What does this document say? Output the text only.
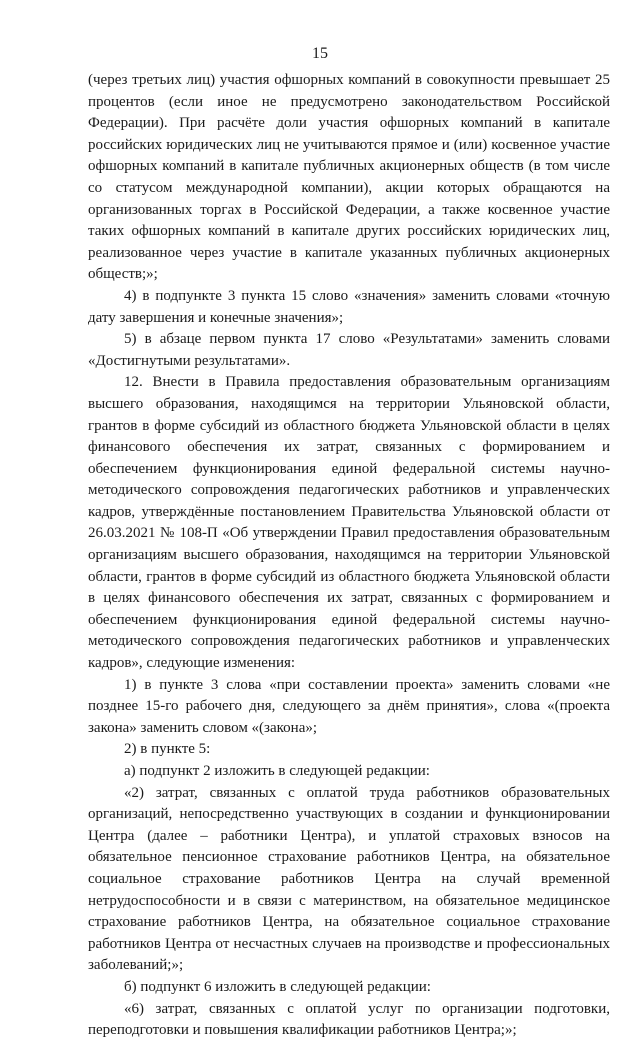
15

(через третьих лиц) участия офшорных компаний в совокупности превышает 25 процентов (если иное не предусмотрено законодательством Российской Федерации). При расчёте доли участия офшорных компаний в капитале российских юридических лиц не учитываются прямое и (или) косвенное участие офшорных компаний в капитале публичных акционерных обществ (в том числе со статусом международной компании), акции которых обращаются на организованных торгах в Российской Федерации, а также косвенное участие таких офшорных компаний в капитале других российских юридических лиц, реализованное через участие в капитале указанных публичных акционерных обществ;»;

4) в подпункте 3 пункта 15 слово «значения» заменить словами «точную дату завершения и конечные значения»;

5) в абзаце первом пункта 17 слово «Результатами» заменить словами «Достигнутыми результатами».

12. Внести в Правила предоставления образовательным организациям высшего образования, находящимся на территории Ульяновской области, грантов в форме субсидий из областного бюджета Ульяновской области в целях финансового обеспечения их затрат, связанных с формированием и обеспечением функционирования единой федеральной системы научно-методического сопровождения педагогических работников и управленческих кадров, утверждённые постановлением Правительства Ульяновской области от 26.03.2021 № 108-П «Об утверждении Правил предоставления образовательным организациям высшего образования, находящимся на территории Ульяновской области, грантов в форме субсидий из областного бюджета Ульяновской области в целях финансового обеспечения их затрат, связанных с формированием и обеспечением функционирования единой федеральной системы научно-методического сопровождения педагогических работников и управленческих кадров», следующие изменения:

1) в пункте 3 слова «при составлении проекта» заменить словами «не позднее 15-го рабочего дня, следующего за днём принятия», слова «(проекта закона» заменить словом «(закона»;

2) в пункте 5:

а) подпункт 2 изложить в следующей редакции:

«2) затрат, связанных с оплатой труда работников образовательных организаций, непосредственно участвующих в создании и функционировании Центра (далее – работники Центра), и уплатой страховых взносов на обязательное пенсионное страхование работников Центра, на обязательное социальное страхование работников Центра на случай временной нетрудоспособности и в связи с материнством, на обязательное медицинское страхование работников Центра, на обязательное социальное страхование работников Центра от несчастных случаев на производстве и профессиональных заболеваний;»;

б) подпункт 6 изложить в следующей редакции:

«6) затрат, связанных с оплатой услуг по организации подготовки, переподготовки и повышения квалификации работников Центра;»;
